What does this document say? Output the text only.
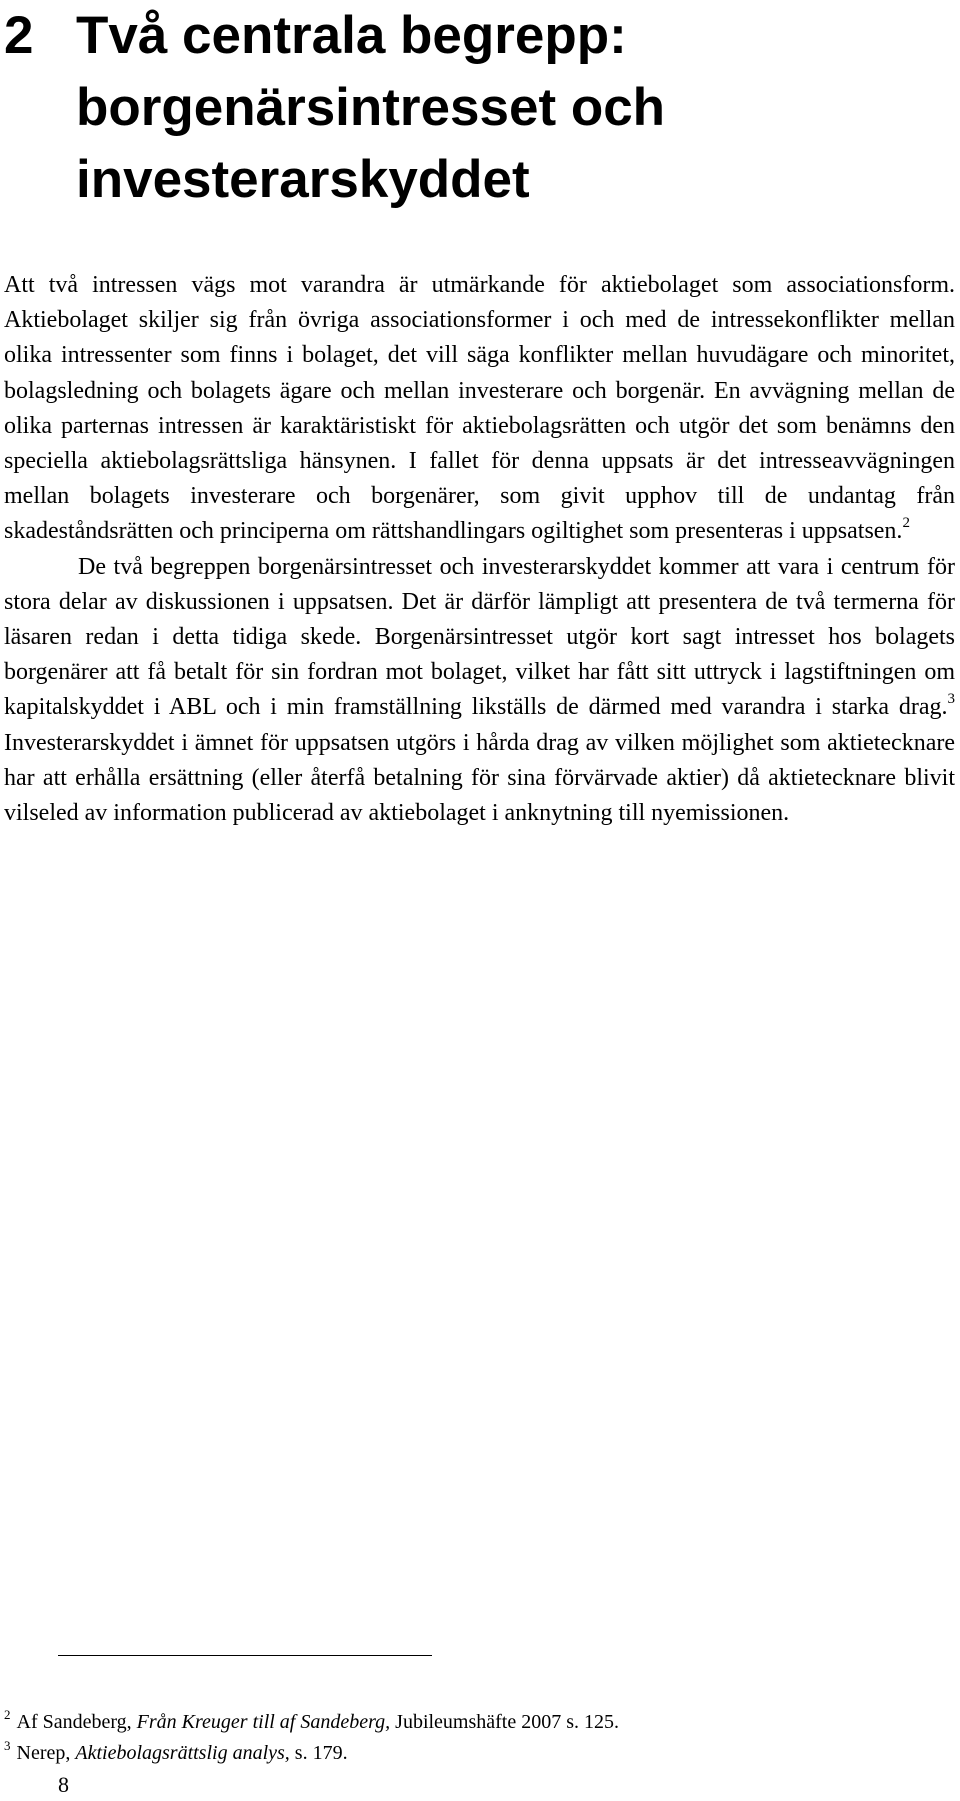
2 Två centrala begrepp: borgenärsintresset och investerarskyddet

Att två intressen vägs mot varandra är utmärkande för aktiebolaget som associationsform. Aktiebolaget skiljer sig från övriga associationsformer i och med de intressekonflikter mellan olika intressenter som finns i bolaget, det vill säga konflikter mellan huvudägare och minoritet, bolagsledning och bolagets ägare och mellan investerare och borgenär. En avvägning mellan de olika parternas intressen är karaktäristiskt för aktiebolagsrätten och utgör det som benämns den speciella aktiebolagsrättsliga hänsynen. I fallet för denna uppsats är det intresseavvägningen mellan bolagets investerare och borgenärer, som givit upphov till de undantag från skadeståndsrätten och principerna om rättshandlingars ogiltighet som presenteras i uppsatsen.$^2$

De två begreppen borgenärsintresset och investerarskyddet kommer att vara i centrum för stora delar av diskussionen i uppsatsen. Det är därför lämpligt att presentera de två termerna för läsaren redan i detta tidiga skede. Borgenärsintresset utgör kort sagt intresset hos bolagets borgenärer att få betalt för sin fordran mot bolaget, vilket har fått sitt uttryck i lagstiftningen om kapitalskyddet i ABL och i min framställning likställs de därmed med varandra i starka drag.$^3$ Investerarskyddet i ämnet för uppsatsen utgörs i hårda drag av vilken möjlighet som aktietecknare har att erhålla ersättning (eller återfå betalning för sina förvärvade aktier) då aktietecknare blivit vilseled av information publicerad av aktiebolaget i anknytning till nyemissionen.

$^2$ Af Sandeberg, Från Kreuger till af Sandeberg, Jubileumshäfte 2007 s. 125.
$^3$ Nerep, Aktiebolagsrättslig analys, s. 179.
8
